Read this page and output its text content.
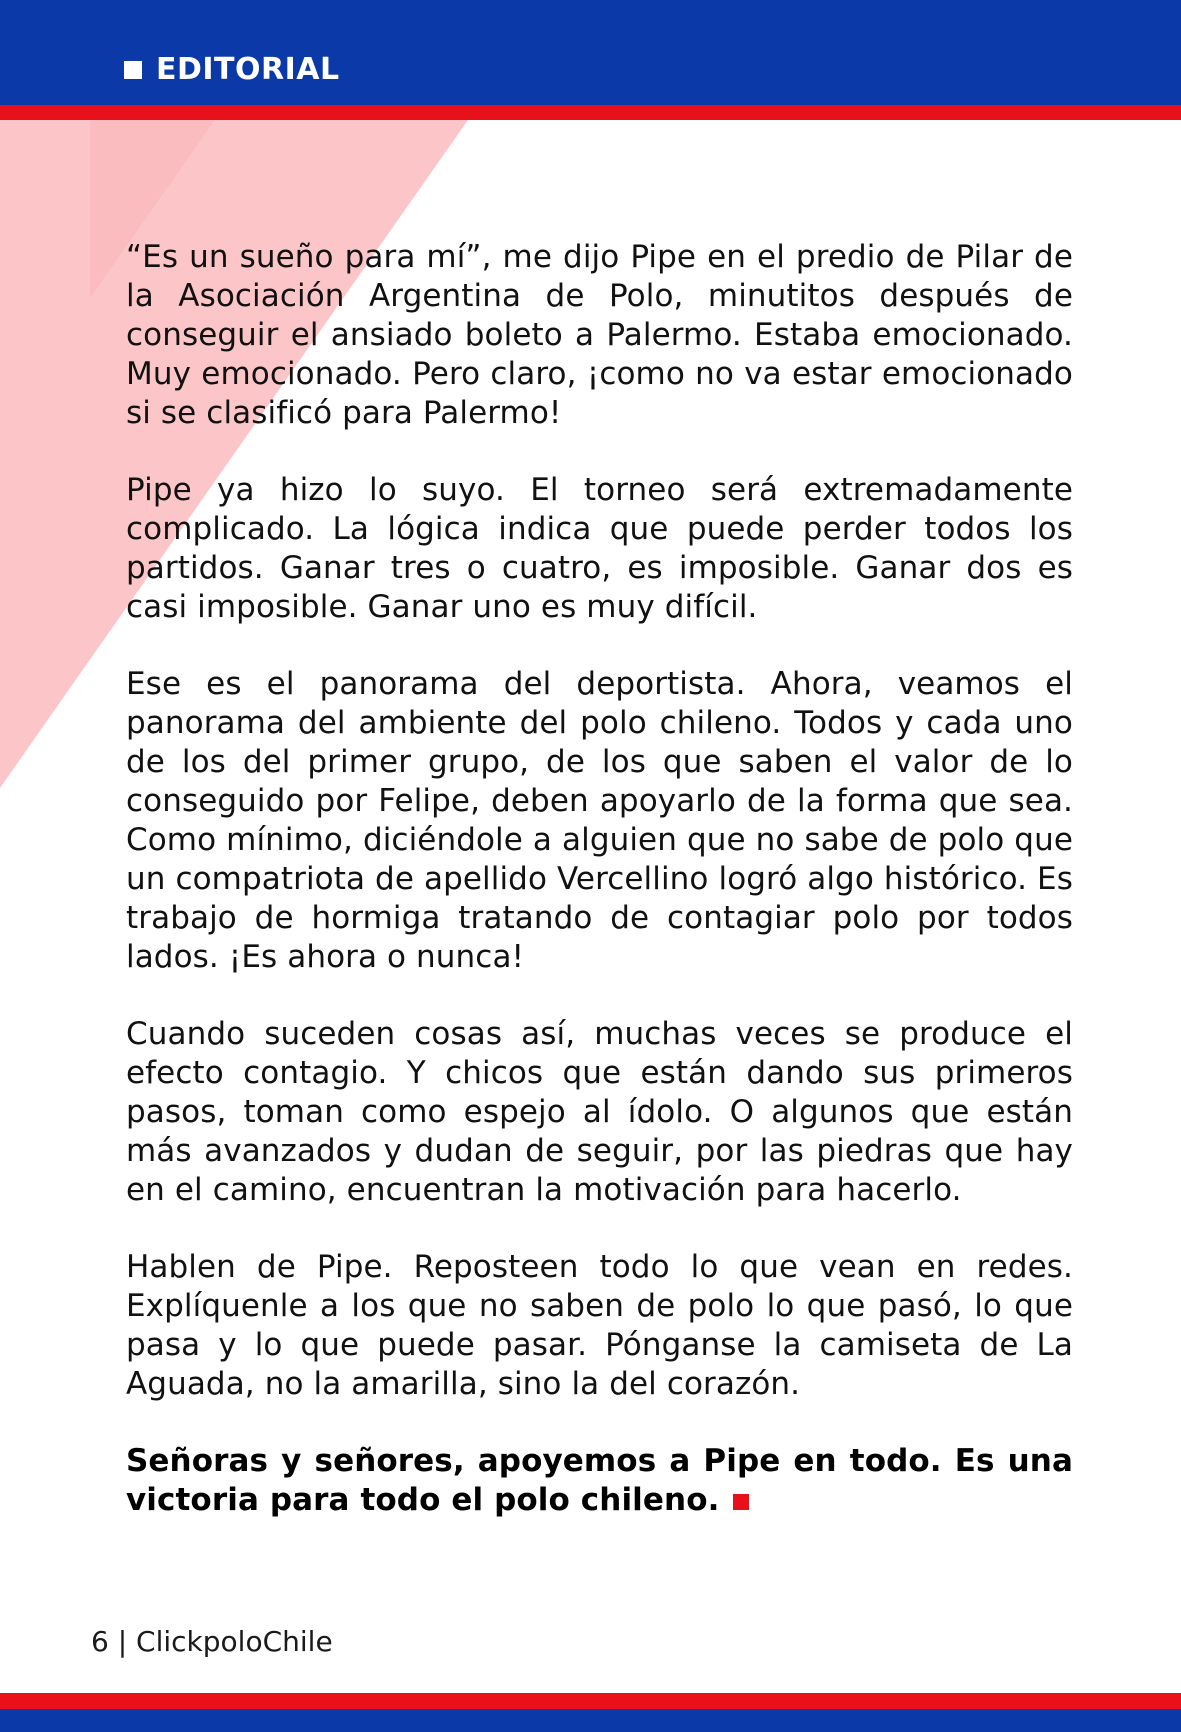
EDITORIAL

“Es un sueño para mí”, me dijo Pipe en el predio de Pilar de la Asociación Argentina de Polo, minutitos después de conseguir el ansiado boleto a Palermo. Estaba emocionado. Muy emocionado. Pero claro, ¡como no va estar emocionado si se clasificó para Palermo!

Pipe ya hizo lo suyo. El torneo será extremadamente complicado. La lógica indica que puede perder todos los partidos. Ganar tres o cuatro, es imposible. Ganar dos es casi imposible. Ganar uno es muy difícil.

Ese es el panorama del deportista. Ahora, veamos el panorama del ambiente del polo chileno. Todos y cada uno de los del primer grupo, de los que saben el valor de lo conseguido por Felipe, deben apoyarlo de la forma que sea. Como mínimo, diciéndole a alguien que no sabe de polo que un compatriota de apellido Vercellino logró algo histórico. Es trabajo de hormiga tratando de contagiar polo por todos lados. ¡Es ahora o nunca!

Cuando suceden cosas así, muchas veces se produce el efecto contagio. Y chicos que están dando sus primeros pasos, toman como espejo al ídolo. O algunos que están más avanzados y dudan de seguir, por las piedras que hay en el camino, encuentran la motivación para hacerlo.

Hablen de Pipe. Reposteen todo lo que vean en redes. Explíquenle a los que no saben de polo lo que pasó, lo que pasa y lo que puede pasar. Pónganse la camiseta de La Aguada, no la amarilla, sino la del corazón.

Señoras y señores, apoyemos a Pipe en todo. Es una victoria para todo el polo chileno.

6 | ClickpoloChile
